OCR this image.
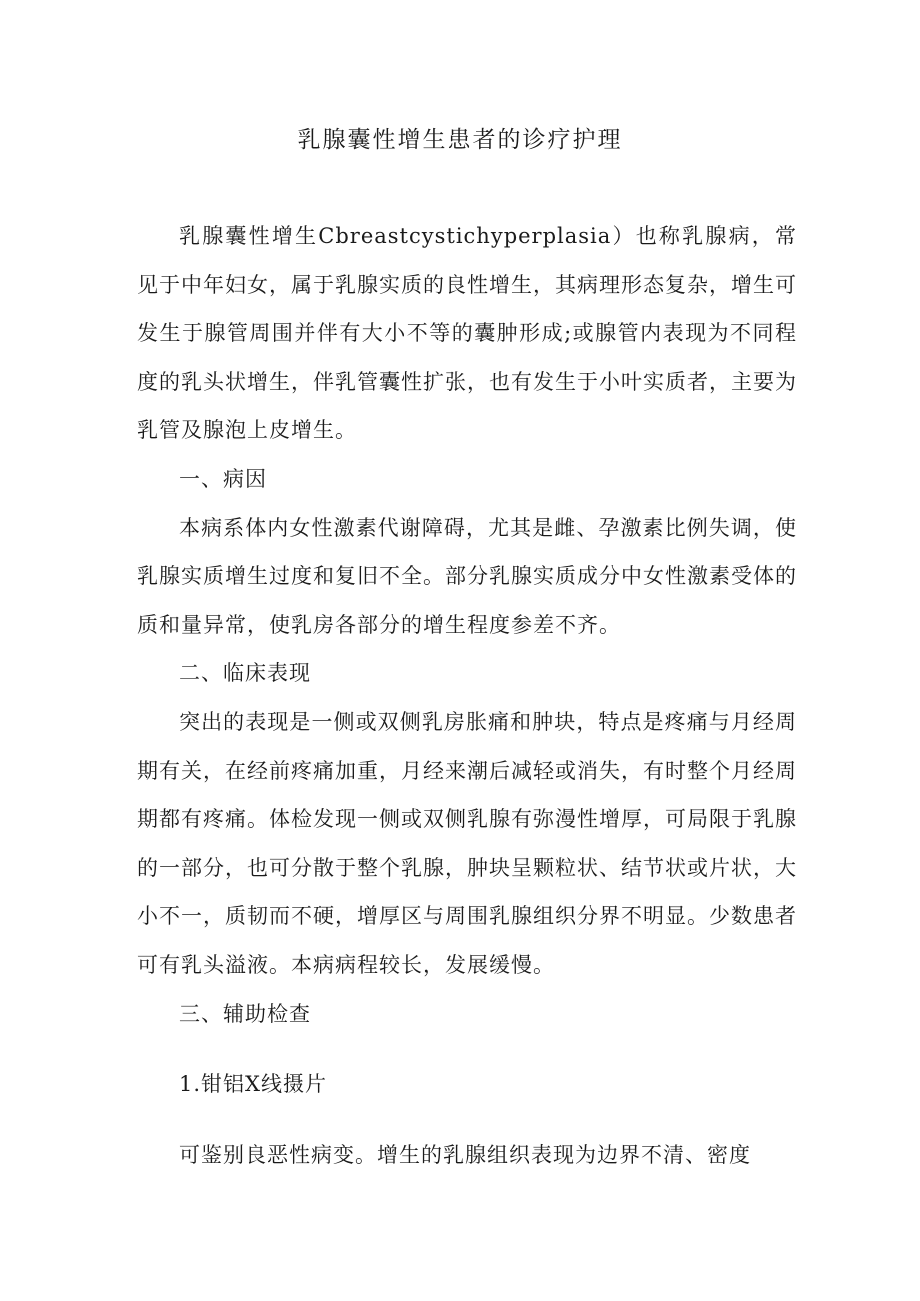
乳腺囊性增生患者的诊疗护理

乳腺囊性增生Cbreastcystichyperplasia）也称乳腺病，常见于中年妇女，属于乳腺实质的良性增生，其病理形态复杂，增生可发生于腺管周围并伴有大小不等的囊肿形成;或腺管内表现为不同程度的乳头状增生，伴乳管囊性扩张，也有发生于小叶实质者，主要为乳管及腺泡上皮增生。

一、病因

本病系体内女性激素代谢障碍，尤其是雌、孕激素比例失调，使乳腺实质增生过度和复旧不全。部分乳腺实质成分中女性激素受体的质和量异常，使乳房各部分的增生程度参差不齐。

二、临床表现

突出的表现是一侧或双侧乳房胀痛和肿块，特点是疼痛与月经周期有关，在经前疼痛加重，月经来潮后减轻或消失，有时整个月经周期都有疼痛。体检发现一侧或双侧乳腺有弥漫性增厚，可局限于乳腺的一部分，也可分散于整个乳腺，肿块呈颗粒状、结节状或片状，大小不一，质韧而不硬，增厚区与周围乳腺组织分界不明显。少数患者可有乳头溢液。本病病程较长，发展缓慢。

三、辅助检查
1.钳铝X线摄片

可鉴别良恶性病变。增生的乳腺组织表现为边界不清、密度
